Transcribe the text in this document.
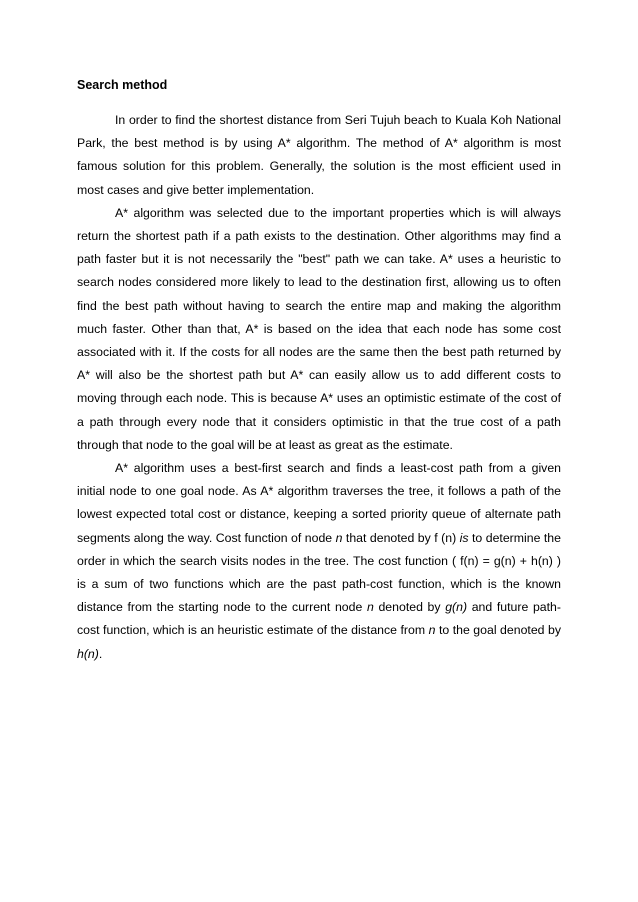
Search method

In order to find the shortest distance from Seri Tujuh beach to Kuala Koh National Park, the best method is by using A* algorithm. The method of A* algorithm is most famous solution for this problem. Generally, the solution is the most efficient used in most cases and give better implementation.

A* algorithm was selected due to the important properties which is will always return the shortest path if a path exists to the destination. Other algorithms may find a path faster but it is not necessarily the "best" path we can take. A* uses a heuristic to search nodes considered more likely to lead to the destination first, allowing us to often find the best path without having to search the entire map and making the algorithm much faster. Other than that, A* is based on the idea that each node has some cost associated with it. If the costs for all nodes are the same then the best path returned by A* will also be the shortest path but A* can easily allow us to add different costs to moving through each node. This is because A* uses an optimistic estimate of the cost of a path through every node that it considers optimistic in that the true cost of a path through that node to the goal will be at least as great as the estimate.

A* algorithm uses a best-first search and finds a least-cost path from a given initial node to one goal node. As A* algorithm traverses the tree, it follows a path of the lowest expected total cost or distance, keeping a sorted priority queue of alternate path segments along the way. Cost function of node n that denoted by f (n) is to determine the order in which the search visits nodes in the tree. The cost function ( f(n) = g(n) + h(n) ) is a sum of two functions which are the past path-cost function, which is the known distance from the starting node to the current node n denoted by g(n) and future path-cost function, which is an heuristic estimate of the distance from n to the goal denoted by h(n).
